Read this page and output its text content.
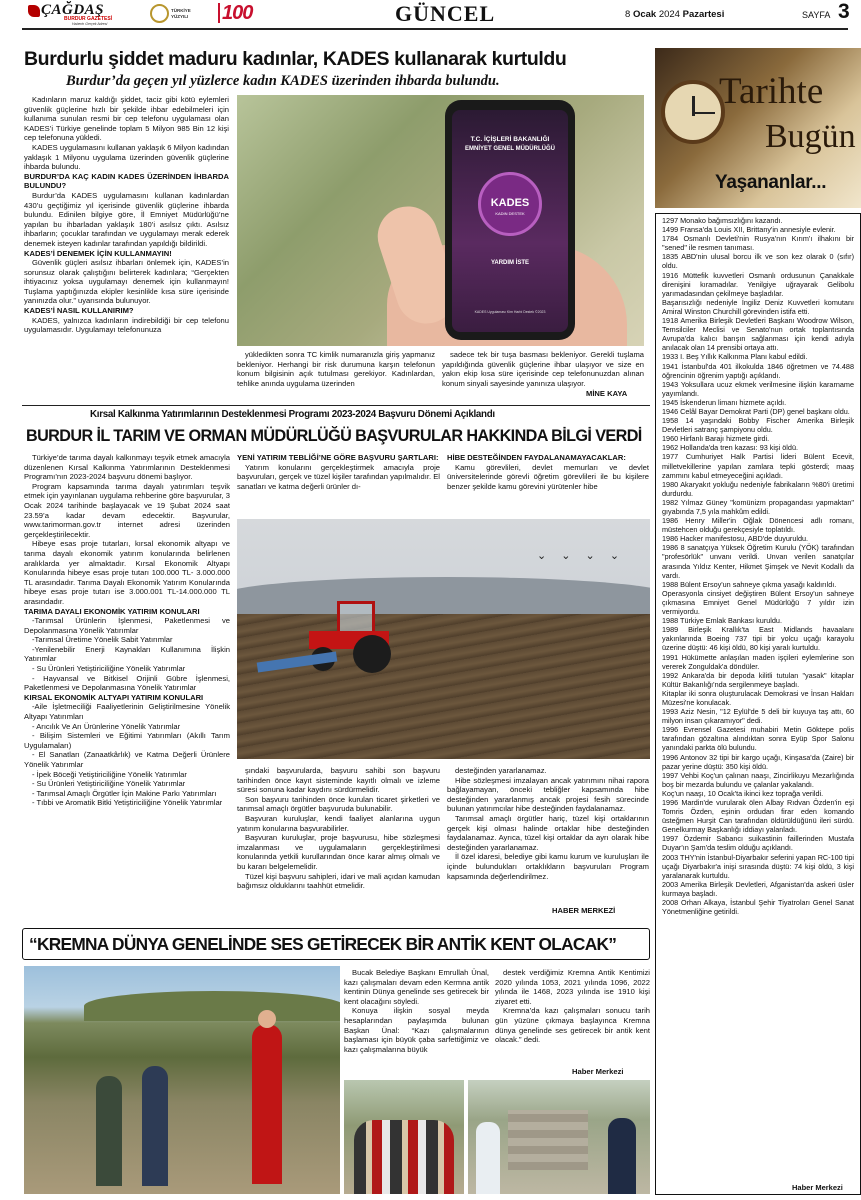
ÇAĞDAŞ
BURDUR GAZETESİ
Haberin Gerçek Adresi
TÜRKİYE YÜZYILI 100	GÜNCEL	8 Ocak 2024 Pazartesi	SAYFA 3
Burdurlu şiddet maduru kadınlar, KADES kullanarak kurtuldu
Burdur’da geçen yıl yüzlerce kadın KADES üzerinden ihbarda bulundu.

Kadınların maruz kaldığı şiddet, taciz gibi kötü eylemleri güvenlik güçlerine hızlı bir şekilde ihbar edebilmeleri için kullanıma sunulan resmi bir cep telefonu uygulaması olan KADES’i Türkiye genelinde toplam 5 Milyon 985 Bin 12 kişi cep telefonuna yükledi.

KADES uygulamasını kullanan yaklaşık 6 Milyon kadından yaklaşık 1 Milyonu uygulama üzerinden güvenlik güçlerine ihbarda bulundu.

BURDUR’DA KAÇ KADIN KADES ÜZERİNDEN İHBARDA BULUNDU?

Burdur’da KADES uygulamasını kullanan kadınlardan 430’u geçtiğimiz yıl içerisinde güvenlik güçlerine ihbarda bulundu. Edinilen bilgiye göre, İl Emniyet Müdürlüğü’ne yapılan bu ihbarladan yaklaşık 180’i asılsız çıktı. Asılsız ihbarların; çocuklar tarafından ve uygulamayı merak ederek denemek isteyen kadınlar tarafından yapıldığı bildirildi.

KADES’İ DENEMEK İÇİN KULLANMAYIN!

Güvenlik güçleri asılsız ihbarları önlemek için, KADES’in sorunsuz olarak çalıştığını belirterek kadınlara; “Gerçekten ihtiyacınız yoksa uygulamayı denemek için kullanmayın! Tuşlama yaptığınızda ekipler kesinlikle kısa süre içerisinde yanınızda olur.” uyarısında bulunuyor.

KADES’İ NASIL KULLANIRIM?

KADES, yalnızca kadınların indirebildiği bir cep telefonu uygulamasıdır. Uygulamayı telefonunuza

T.C. İÇİŞLERİ BAKANLIĞI
EMNİYET GENEL MÜDÜRLÜĞÜ
KADES
KADIN DESTEK
YARDIM İSTE
KADES Uygulaması Kim Harbi Destek ©2023

yükledikten sonra TC kimlik numaranızla giriş yapmanız bekleniyor. Herhangi bir risk durumuna karşın telefonun konum bilgisinin açık tutulması gerekiyor. Kadınlardan, tehlike anında uygulama üzerinden

sadece tek bir tuşa basması bekleniyor. Gerekli tuşlama yapıldığında güvenlik güçlerine ihbar ulaşıyor ve size en yakın ekip kısa süre içerisinde cep telefonunuzdan alınan konum sinyali sayesinde yanınıza ulaşıyor.

MİNE KAYA
Kırsal Kalkınma Yatırımlarının Desteklenmesi Programı 2023-2024 Başvuru Dönemi Açıklandı
BURDUR İL TARIM VE ORMAN MÜDÜRLÜĞÜ BAŞVURULAR HAKKINDA BİLGİ VERDİ

Türkiye’de tarıma dayalı kalkınmayı teşvik etmek amacıyla düzenlenen Kırsal Kalkınma Yatırımlarının Desteklenmesi Programı’nın 2023-2024 başvuru dönemi başlıyor.

Program kapsamında tarıma dayalı yatırımları teşvik etmek için yayınlanan uygulama rehberine göre başvurular, 3 Ocak 2024 tarihinde başlayacak ve 19 Şubat 2024 saat 23.59’a kadar devam edecektir. Başvurular, www.tarimorman.gov.tr internet adresi üzerinden gerçekleştirilecektir.

Hibeye esas proje tutarları, kırsal ekonomik altyapı ve tarıma dayalı ekonomik yatırım konularında belirlenen aralıklarda yer almaktadır. Kırsal Ekonomik Altyapı Konularında hibeye esas proje tutarı 100.000 TL- 3.000.000 TL arasındadır. Tarıma Dayalı Ekonomik Yatırım Konularında hibeye esas proje tutarı ise 3.000.001 TL-14.000.000 TL arasındadır.

TARIMA DAYALI EKONOMİK YATIRIM KONULARI

-Tarımsal Ürünlerin İşlenmesi, Paketlenmesi ve Depolanmasına Yönelik Yatırımlar

-Tarımsal Üretime Yönelik Sabit Yatırımlar

-Yenilenebilir Enerji Kaynakları Kullanımına İlişkin Yatırımlar

- Su Ürünleri Yetiştiriciliğine Yönelik Yatırımlar

- Hayvansal ve Bitkisel Orijinli Gübre İşlenmesi, Paketlenmesi ve Depolanmasına Yönelik Yatırımlar

KIRSAL EKONOMİK ALTYAPI YATIRIM KONULARI

-Aile İşletmeciliği Faaliyetlerinin Geliştirilmesine Yönelik Altyapı Yatırımları

- Arıcılık Ve Arı Ürünlerine Yönelik Yatırımlar

- Bilişim Sistemleri ve Eğitimi Yatırımları (Akıllı Tarım Uygulamaları)

- El Sanatları (Zanaatkârlık) ve Katma Değerli Ürünlere Yönelik Yatırımlar

- İpek Böceği Yetiştiriciliğine Yönelik Yatırımlar

- Su Ürünleri Yetiştiriciliğine Yönelik Yatırımlar

- Tarımsal Amaçlı Örgütler İçin Makine Parkı Yatırımları

- Tıbbi ve Aromatik Bitki Yetiştiriciliğine Yönelik Yatırımlar

YENİ YATIRIM TEBLİĞİ’NE GÖRE BAŞVURU ŞARTLARI:

Yatırım konularını gerçekleştirmek amacıyla proje başvuruları, gerçek ve tüzel kişiler tarafından yapılmalıdır. El sanatları ve katma değerli ürünler dı-

HİBE DESTEĞİNDEN FAYDALANAMAYACAKLAR:

Kamu görevlileri, devlet memurları ve devlet üniversitelerinde görevli öğretim görevlileri ile bu kişilere benzer şekilde kamu görevini yürütenler hibe

⌄ ⌄ ⌄ ⌄

şındaki başvurularda, başvuru sahibi son başvuru tarihinden önce kayıt sisteminde kayıtlı olmalı ve izleme süresi sonuna kadar kaydını sürdürmelidir.

Son başvuru tarihinden önce kurulan ticaret şirketleri ve tarımsal amaçlı örgütler başvuruda bulunabilir.

Başvuran kuruluşlar, kendi faaliyet alanlarına uygun yatırım konularına başvurabilirler.

Başvuran kuruluşlar, proje başvurusu, hibe sözleşmesi imzalanması ve uygulamaların gerçekleştirilmesi konularında yetkili kurullarından önce karar almış olmalı ve bu kararı belgelemelidir.

Tüzel kişi başvuru sahipleri, idari ve mali açıdan kamudan bağımsız olduklarını taahhüt etmelidir.

desteğinden yararlanamaz.

Hibe sözleşmesi imzalayan ancak yatırımını nihai rapora bağlayamayan, önceki tebliğler kapsamında hibe desteğinden yararlanmış ancak projesi fesih sürecinde bulunan yatırımcılar hibe desteğinden faydalanamaz.

Tarımsal amaçlı örgütler hariç, tüzel kişi ortaklarının gerçek kişi olması halinde ortaklar hibe desteğinden faydalanamaz. Ayrıca, tüzel kişi ortaklar da ayrı olarak hibe desteğinden yararlanamaz.

İl özel idaresi, belediye gibi kamu kurum ve kuruluşları ile içinde bulundukları ortaklıkların başvuruları Program kapsamında değerlendirilmez.

HABER MERKEZİ
“KREMNA DÜNYA GENELİNDE SES GETİRECEK BİR ANTİK KENT OLACAK”

Bucak Belediye Başkanı Emrullah Ünal, kazı çalışmaları devam eden Kermna antik kentinin Dünya genelinde ses getirecek bir kent olacağını söyledi.

Konuya ilişkin sosyal meyda hesaplarından paylaşımda bulunan Başkan Ünal: “Kazı çalışmalarının başlaması için büyük çaba sarfettiğimiz ve kazı çalışmalarına büyük

destek verdiğimiz Kremna Antik Kentimizi 2020 yılında 1053, 2021 yılında 1096, 2022 yılında ile 1468, 2023 yılında ise 1910 kişi ziyaret etti.

Kremna’da kazı çalışmaları sonucu tarih gün yüzüne çıkmaya başlayınca Kremna dünya genelinde ses getirecek bir antik kent olacak.” dedi.

Haber Merkezi
Tarihte
Bugün
Yaşananlar...

1297 Monako bağımsızlığını kazandı.

1499 Fransa'da Louis XII, Brittany'in annesiyle evlenir.

1784 Osmanlı Devleti'nin Rusya'nın Kırım'ı ilhakını bir "sened" ile resmen tanıması.

1835 ABD'nin ulusal borcu ilk ve son kez olarak 0 (sıfır) oldu.

1916 Müttefik kuvvetleri Osmanlı ordusunun Çanakkale direnişini kıramadılar. Yenilgiye uğrayarak Gelibolu yarımadasından çekilmeye başladılar.

Başarısızlığı nedeniyle İngiliz Deniz Kuvvetleri komutanı Amiral Winston Churchill görevinden istifa etti.

1918 Amerika Birleşik Devletleri Başkanı Woodrow Wilson, Temsilciler Meclisi ve Senato'nun ortak toplantısında Avrupa'da kalıcı barışın sağlanması için kendi adıyla anılacak olan 14 prensibi ortaya attı.

1933 I. Beş Yıllık Kalkınma Planı kabul edildi.

1941 İstanbul'da 401 ilkokulda 1846 öğretmen ve 74.488 öğrencinin öğrenim yaptığı açıklandı.

1943 Yoksullara ucuz ekmek verilmesine ilişkin kararname yayımlandı.

1945 İskenderun limanı hizmete açıldı.

1946 Celâl Bayar Demokrat Parti (DP) genel başkanı oldu.

1958 14 yaşındaki Bobby Fischer Amerika Birleşik Devletleri satranç şampiyonu oldu.

1960 Hirfanlı Barajı hizmete girdi.

1962 Hollanda'da tren kazası: 93 kişi öldü.

1977 Cumhuriyet Halk Partisi lideri Bülent Ecevit, milletvekillerine yapılan zamlara tepki gösterdi; maaş zammını kabul etmeyeceğini açıkladı.

1980 Akaryakıt yokluğu nedeniyle fabrikaların %80'i üretimi durdurdu.

1982 Yılmaz Güney "komünizm propagandası yapmaktan" gıyabında 7,5 yıla mahkûm edildi.

1986 Henry Miller'in Oğlak Dönencesi adlı romanı, müstehcen olduğu gerekçesiyle toplatıldı.

1986 Hacker manifestosu, ABD'de duyuruldu.

1986 8 sanatçıya Yüksek Öğretim Kurulu (YÖK) tarafından "profesörlük" unvanı verildi. Unvan verilen sanatçılar arasında Yıldız Kenter, Hikmet Şimşek ve Nevit Kodallı da vardı.

1988 Bülent Ersoy'un sahneye çıkma yasağı kaldırıldı.

Operasyonla cinsiyet değiştiren Bülent Ersoy'un sahneye çıkmasına Emniyet Genel Müdürlüğü 7 yıldır izin vermiyordu.

1988 Türkiye Emlak Bankası kuruldu.

1989 Birleşik Krallık'ta East Midlands havaalanı yakınlarında Boeing 737 tipi bir yolcu uçağı karayolu üzerine düştü: 46 kişi öldü, 80 kişi yaralı kurtuldu.

1991 Hükümette anlaşılan maden işçileri eylemlerine son vererek Zonguldak'a döndüler.

1992 Ankara'da bir depoda kilitli tutulan "yasak" kitaplar Kültür Bakanlığı'nda sergilenmeye başladı.

Kitaplar iki sonra oluşturulacak Demokrasi ve İnsan Hakları Müzesi'ne konulacak.

1993 Aziz Nesin, "12 Eylül'de 5 deli bir kuyuya taş attı, 60 milyon insan çıkaramıyor" dedi.

1996 Evrensel Gazetesi muhabiri Metin Göktepe polis tarafından gözaltına alındıktan sonra Eyüp Spor Salonu yanındaki parkta ölü bulundu.

1996 Antonov 32 tipi bir kargo uçağı, Kinşasa'da (Zaire) bir pazar yerine düştü: 350 kişi öldü.

1997 Vehbi Koç'un çalınan naaşı, Zincirlikuyu Mezarlığında boş bir mezarda bulundu ve çalanlar yakalandı.

Koç'un naaşı, 10 Ocak'ta ikinci kez toprağa verildi.

1996 Mardin'de vurularak ölen Albay Rıdvan Özden'in eşi Tomris Özden, eşinin ordudan firar eden komando üsteğmen Hurşit Can tarafından öldürüldüğünü ileri sürdü. Genelkurmay Başkanlığı iddiayı yalanladı.

1997 Özdemir Sabancı suikastinin faillerinden Mustafa Duyar'ın Şam'da teslim olduğu açıklandı.

2003 THY'nin İstanbul-Diyarbakır seferini yapan RC-100 tipi uçağı Diyarbakır'a inişi sırasında düştü: 74 kişi öldü, 3 kişi yaralanarak kurtuldu.

2003 Amerika Birleşik Devletleri, Afganistan'da askeri üsler kurmaya başladı.

2008 Orhan Alkaya, İstanbul Şehir Tiyatroları Genel Sanat Yönetmenliğine getirildi.

Haber Merkezi
